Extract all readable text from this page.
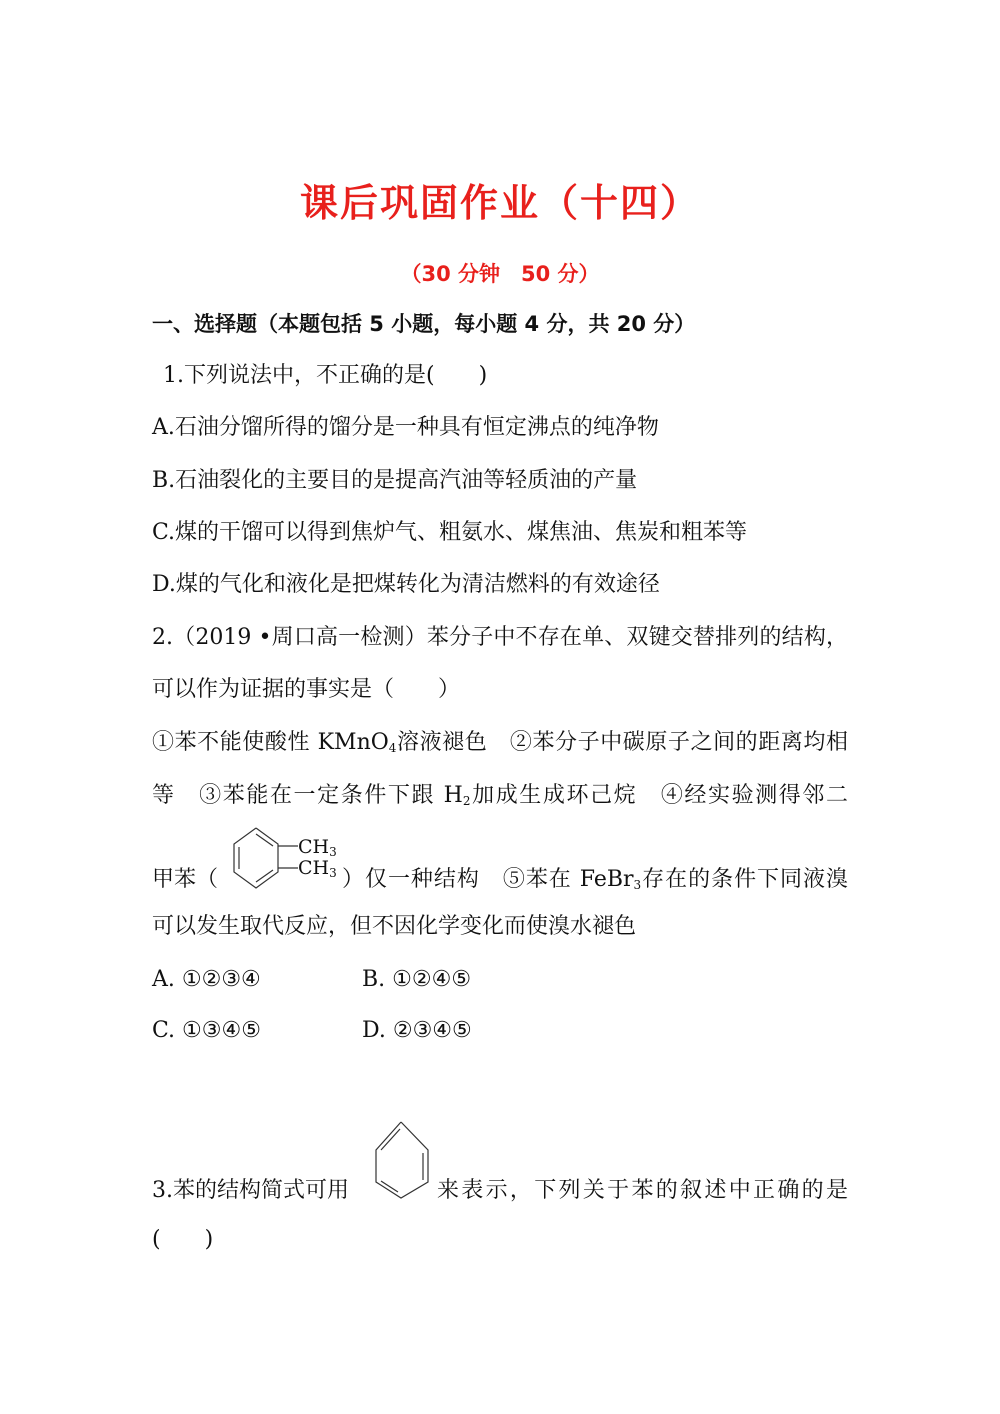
课后巩固作业（十四）
（30 分钟　50 分）
一、选择题（本题包括 5 小题，每小题 4 分，共 20 分）
1.下列说法中，不正确的是(　　)
A.石油分馏所得的馏分是一种具有恒定沸点的纯净物
B.石油裂化的主要目的是提高汽油等轻质油的产量
C.煤的干馏可以得到焦炉气、粗氨水、煤焦油、焦炭和粗苯等
D.煤的气化和液化是把煤转化为清洁燃料的有效途径
2.（2019 •周口高一检测）苯分子中不存在单、双键交替排列的结构，
可以作为证据的事实是（　　）
①苯不能使酸性 KMnO$_4$溶液褪色　②苯分子中碳原子之间的距离均相
等　③苯能在一定条件下跟 $H_2$加成生成环己烷　④经实验测得邻二
甲苯（
$CH_3$
$CH_3$ ）仅一种结构　⑤苯在 FeBr$_3$存在的条件下同液溴
可以发生取代反应，但不因化学变化而使溴水褪色
A. ①②③④	B. ①②④⑤
C. ①③④⑤	D. ②③④⑤
3.苯的结构简式可用	来表示，下列关于苯的叙述中正确的是
(　　)
